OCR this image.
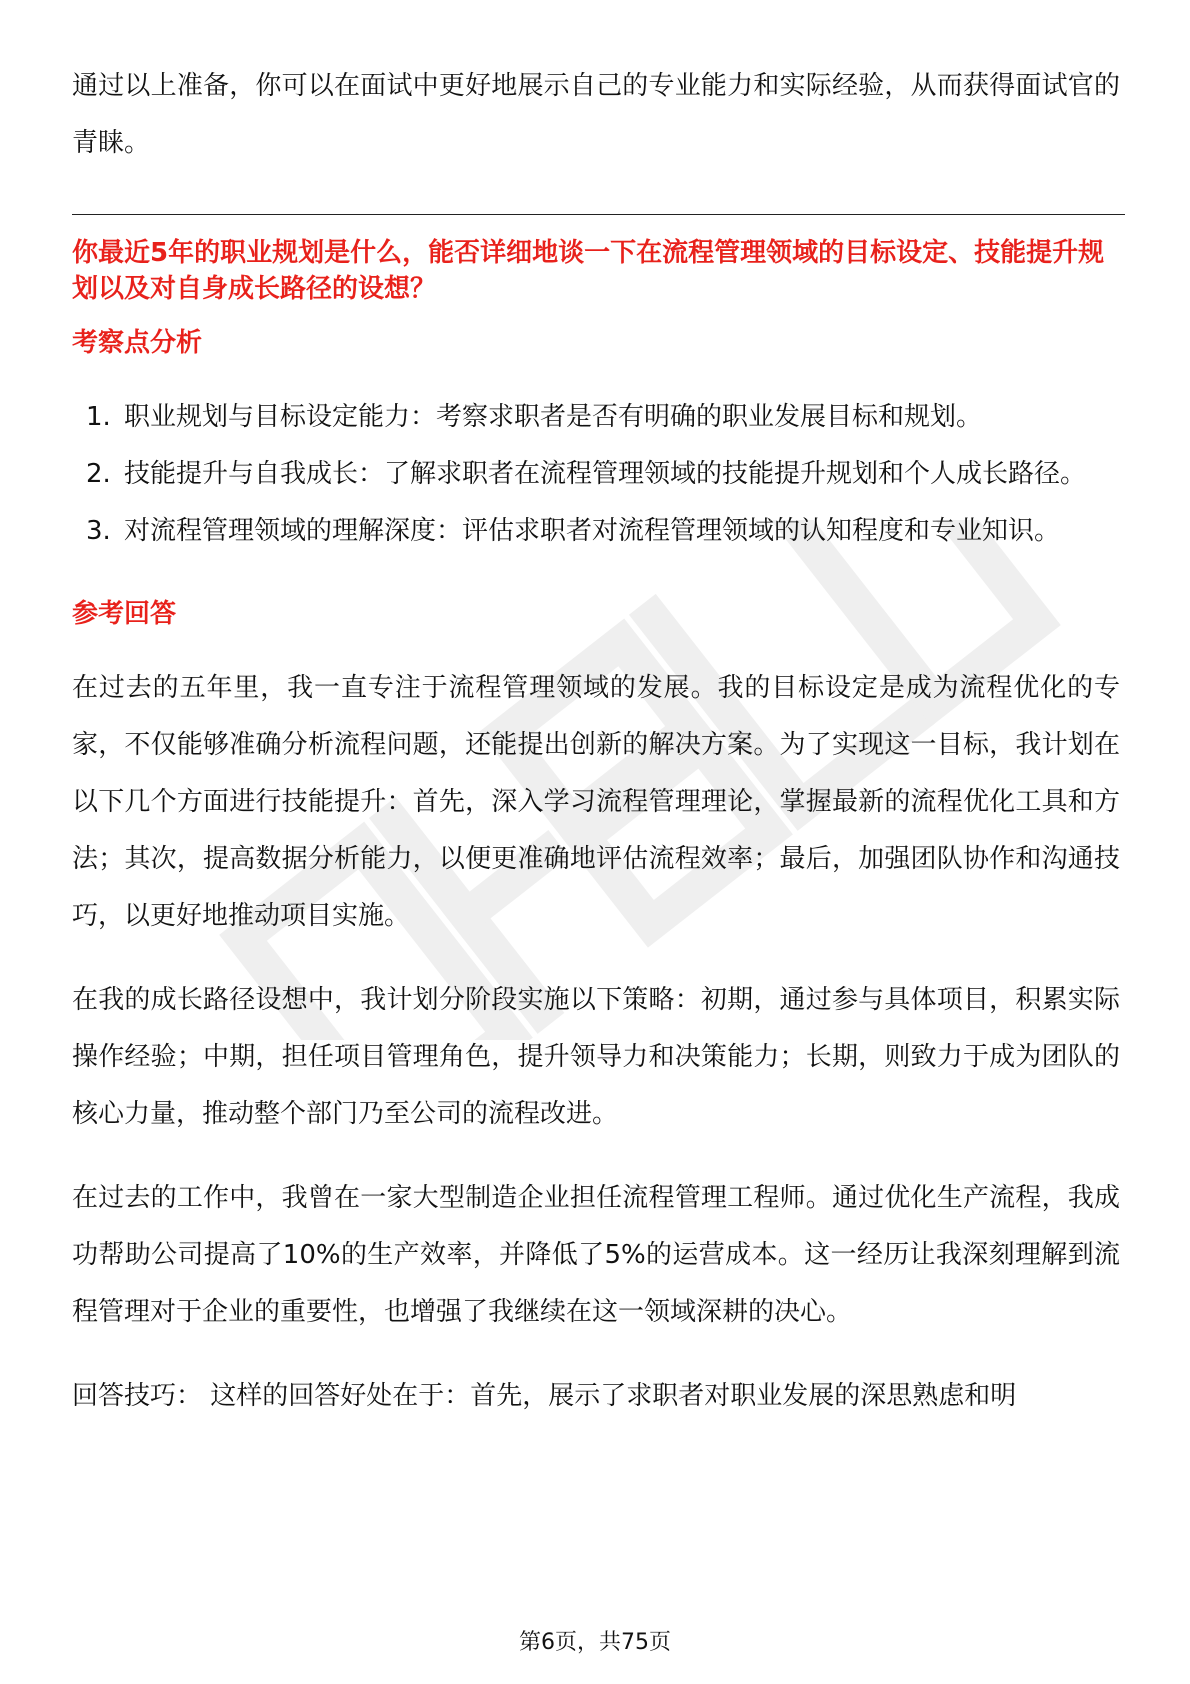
通过以上准备，你可以在面试中更好地展示自己的专业能力和实际经验，从而获得面试官的青睐。

你最近5年的职业规划是什么，能否详细地谈一下在流程管理领域的目标设定、技能提升规划以及对自身成长路径的设想？

考察点分析
1. 职业规划与目标设定能力：考察求职者是否有明确的职业发展目标和规划。
2. 技能提升与自我成长：了解求职者在流程管理领域的技能提升规划和个人成长路径。
3. 对流程管理领域的理解深度：评估求职者对流程管理领域的认知程度和专业知识。
参考回答

在过去的五年里，我一直专注于流程管理领域的发展。我的目标设定是成为流程优化的专家，不仅能够准确分析流程问题，还能提出创新的解决方案。为了实现这一目标，我计划在以下几个方面进行技能提升：首先，深入学习流程管理理论，掌握最新的流程优化工具和方法；其次，提高数据分析能力，以便更准确地评估流程效率；最后，加强团队协作和沟通技巧，以更好地推动项目实施。

在我的成长路径设想中，我计划分阶段实施以下策略：初期，通过参与具体项目，积累实际操作经验；中期，担任项目管理角色，提升领导力和决策能力；长期，则致力于成为团队的核心力量，推动整个部门乃至公司的流程改进。

在过去的工作中，我曾在一家大型制造企业担任流程管理工程师。通过优化生产流程，我成功帮助公司提高了10%的生产效率，并降低了5%的运营成本。这一经历让我深刻理解到流程管理对于企业的重要性，也增强了我继续在这一领域深耕的决心。

回答技巧： 这样的回答好处在于：首先，展示了求职者对职业发展的深思熟虑和明

第6页，共75页
